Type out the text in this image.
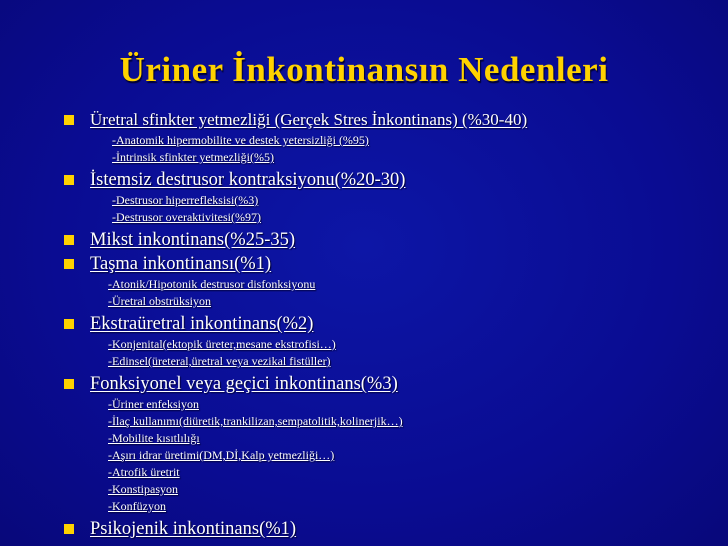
Üriner İnkontinansın Nedenleri
Üretral sfinkter yetmezliği (Gerçek Stres İnkontinans) (%30-40)
-Anatomik hipermobilite ve destek yetersizliği (%95)
-İntrinsik sfinkter yetmezliği(%5)
İstemsiz destrusor kontraksiyonu(%20-30)
-Destrusor hiperrefleksisi(%3)
-Destrusor overaktivitesi(%97)
Mikst inkontinans(%25-35)
Taşma inkontinansı(%1)
-Atonik/Hipotonik destrusor disfonksiyonu
-Üretral obstrüksiyon
Ekstraüretral inkontinans(%2)
-Konjenital(ektopik üreter,mesane ekstrofisi…)
-Edinsel(üreteral,üretral veya vezikal fistüller)
Fonksiyonel veya geçici inkontinans(%3)
-Üriner enfeksiyon
-İlaç kullanımı(diüretik,trankilizan,sempatolitik,kolinerjik…)
-Mobilite kısıtlılığı
-Aşırı idrar üretimi(DM,Dİ,Kalp yetmezliği…)
-Atrofik üretrit
-Konstipasyon
-Konfüzyon
Psikojenik inkontinans(%1)
